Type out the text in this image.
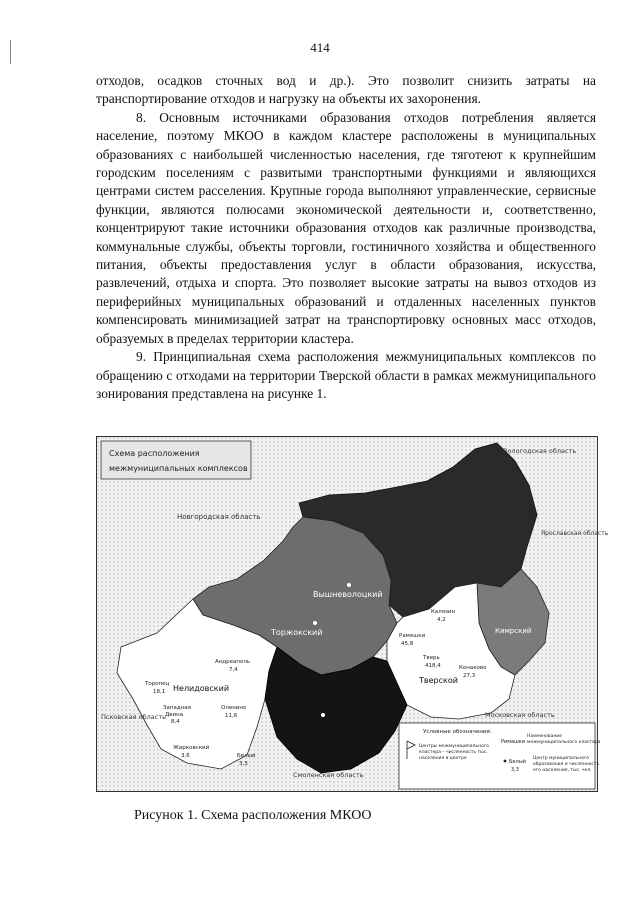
414

отходов, осадков сточных вод и др.). Это позволит снизить затраты на транспортирование отходов и нагрузку на объекты их захоронения.

8. Основным источниками образования отходов потребления является население, поэтому МКОО в каждом кластере расположены в муниципальных образованиях с наибольшей численностью населения, где тяготеют к крупнейшим городским поселениям с развитыми транспортными функциями и являющихся центрами систем расселения. Крупные города выполняют управленческие, сервисные функции, являются полюсами экономической деятельности и, соответственно, концентрируют такие источники образования отходов как различные производства, коммунальные службы, объекты торговли, гостиничного хозяйства и общественного питания, объекты предоставления услуг в области образования, искусства, развлечений, отдыха и спорта. Это позволяет высокие затраты на вывоз отходов из периферийных муниципальных образований и отдаленных населенных пунктов компенсировать минимизацией затрат на транспортировку основных масс отходов, образуемых в пределах территории кластера.

9. Принципиальная схема расположения межмуниципальных комплексов по обращению с отходами на территории Тверской области в рамках межмуниципального зонирования представлена на рисунке 1.

Схема расположения
межмуниципальных комплексов
Новгородская область
Вологодская область
Ярославская область
Московская область
Смоленская область
Псковская область
Вышневолоцкий
Торжокский
Нелидовский
Тверской
Кимрский
Андреаполь
7,4
Торопец
18,1
Западная
Двина
8,4
Оленино
11,6
Жарковский
3,6	Белый
3,3
Калязин
4,2
Рамешки
45,8
Тверь
418,4	Конаково
27,3
Условные обозначения:
Центры межмуниципального
кластера – численность тыс.
населения в центре
Римашки
Наименование
межмуниципального кластера
Белый
3,3
Центр муниципального
образования и численность
его населения, тыс. чел.
Рисунок 1. Схема расположения МКОО
